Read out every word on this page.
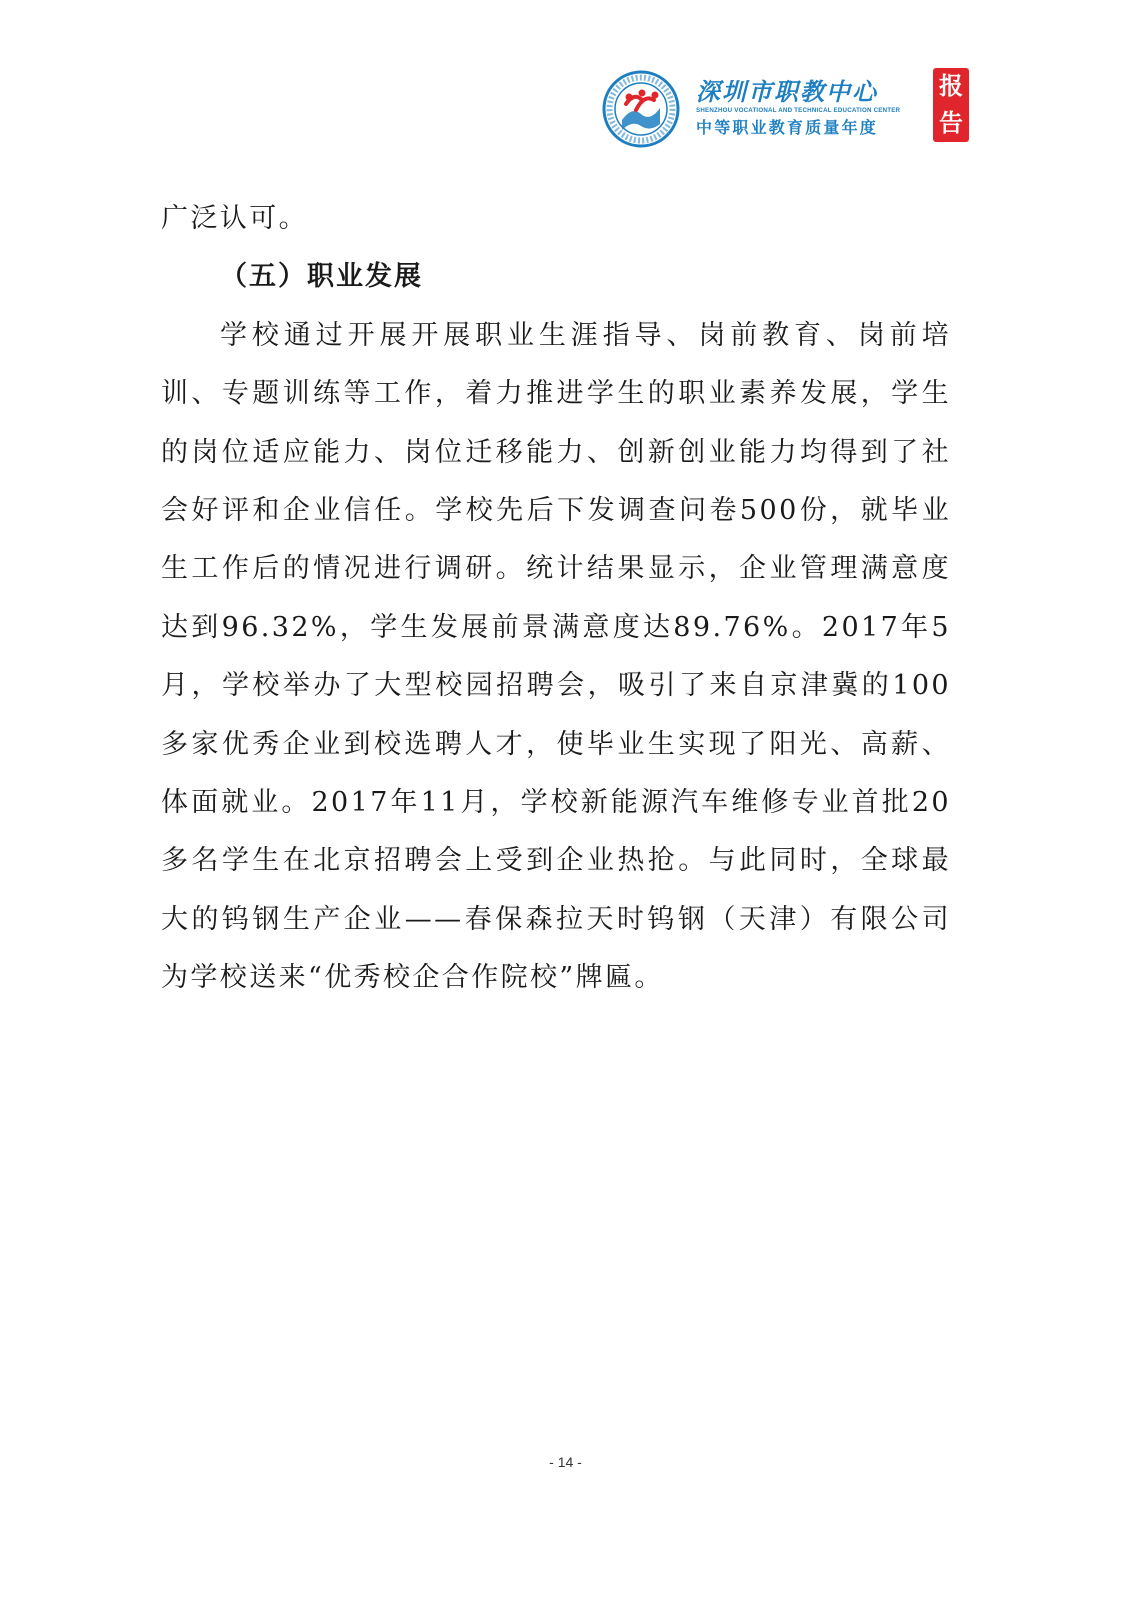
深圳市职教中心
SHENZHOU VOCATIONAL AND TECHNICAL EDUCATION CENTER
中等职业教育质量年度
报
告

广泛认可。

（五）职业发展

学校通过开展开展职业生涯指导、岗前教育、岗前培训、专题训练等工作，着力推进学生的职业素养发展，学生的岗位适应能力、岗位迁移能力、创新创业能力均得到了社会好评和企业信任。学校先后下发调查问卷500份，就毕业生工作后的情况进行调研。统计结果显示，企业管理满意度达到96.32%，学生发展前景满意度达89.76%。2017年5月，学校举办了大型校园招聘会，吸引了来自京津冀的100多家优秀企业到校选聘人才，使毕业生实现了阳光、高薪、体面就业。2017年11月，学校新能源汽车维修专业首批20多名学生在北京招聘会上受到企业热抢。与此同时，全球最大的钨钢生产企业——春保森拉天时钨钢（天津）有限公司为学校送来“优秀校企合作院校”牌匾。

- 14 -
